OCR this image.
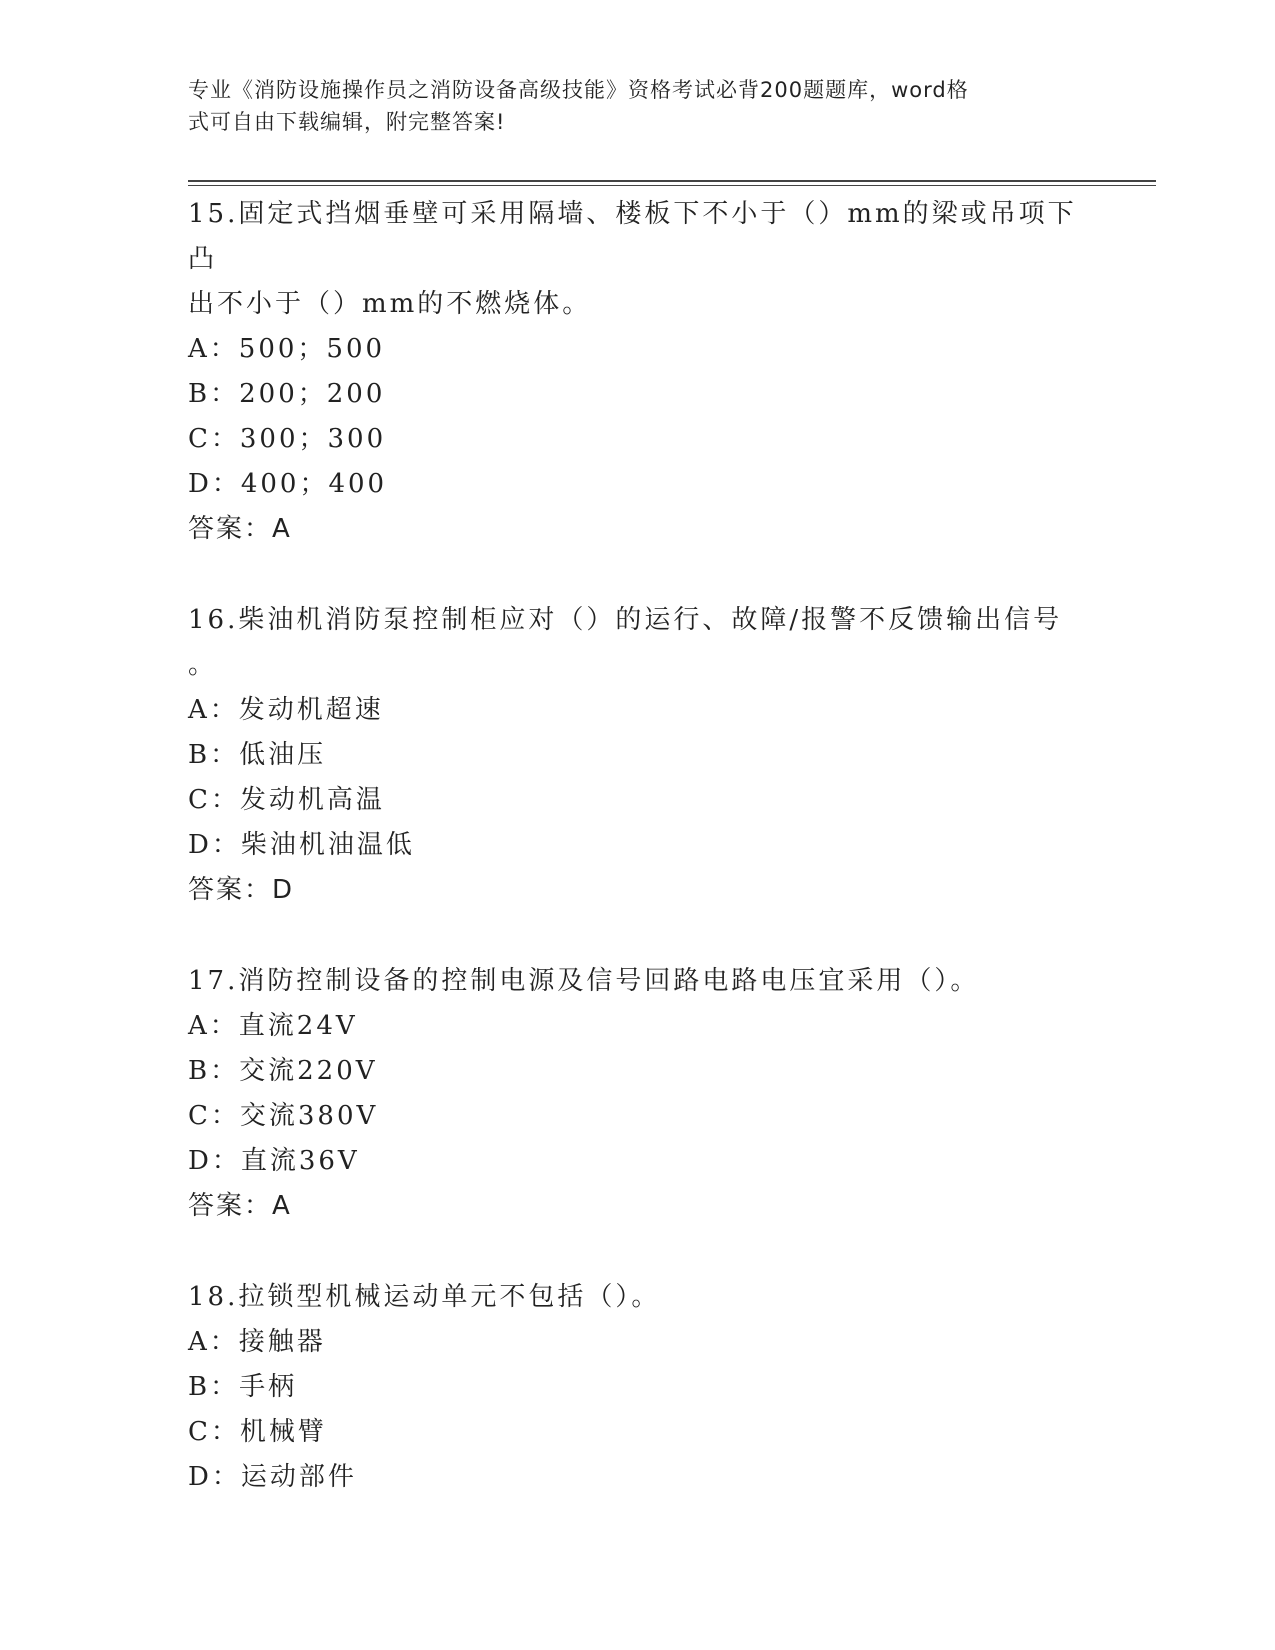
专业《消防设施操作员之消防设备高级技能》资格考试必背200题题库，word格
式可自由下载编辑，附完整答案!
15.固定式挡烟垂壁可采用隔墙、楼板下不小于（）mm的梁或吊项下凸
出不小于（）mm的不燃烧体。
A：500；500
B：200；200
C：300；300
D：400；400
答案：A
16.柴油机消防泵控制柜应对（）的运行、故障/报警不反馈输出信号
。
A：发动机超速
B：低油压
C：发动机高温
D：柴油机油温低
答案：D
17.消防控制设备的控制电源及信号回路电路电压宜采用（）。
A：直流24V
B：交流220V
C：交流380V
D：直流36V
答案：A
18.拉锁型机械运动单元不包括（）。
A：接触器
B：手柄
C：机械臂
D：运动部件
